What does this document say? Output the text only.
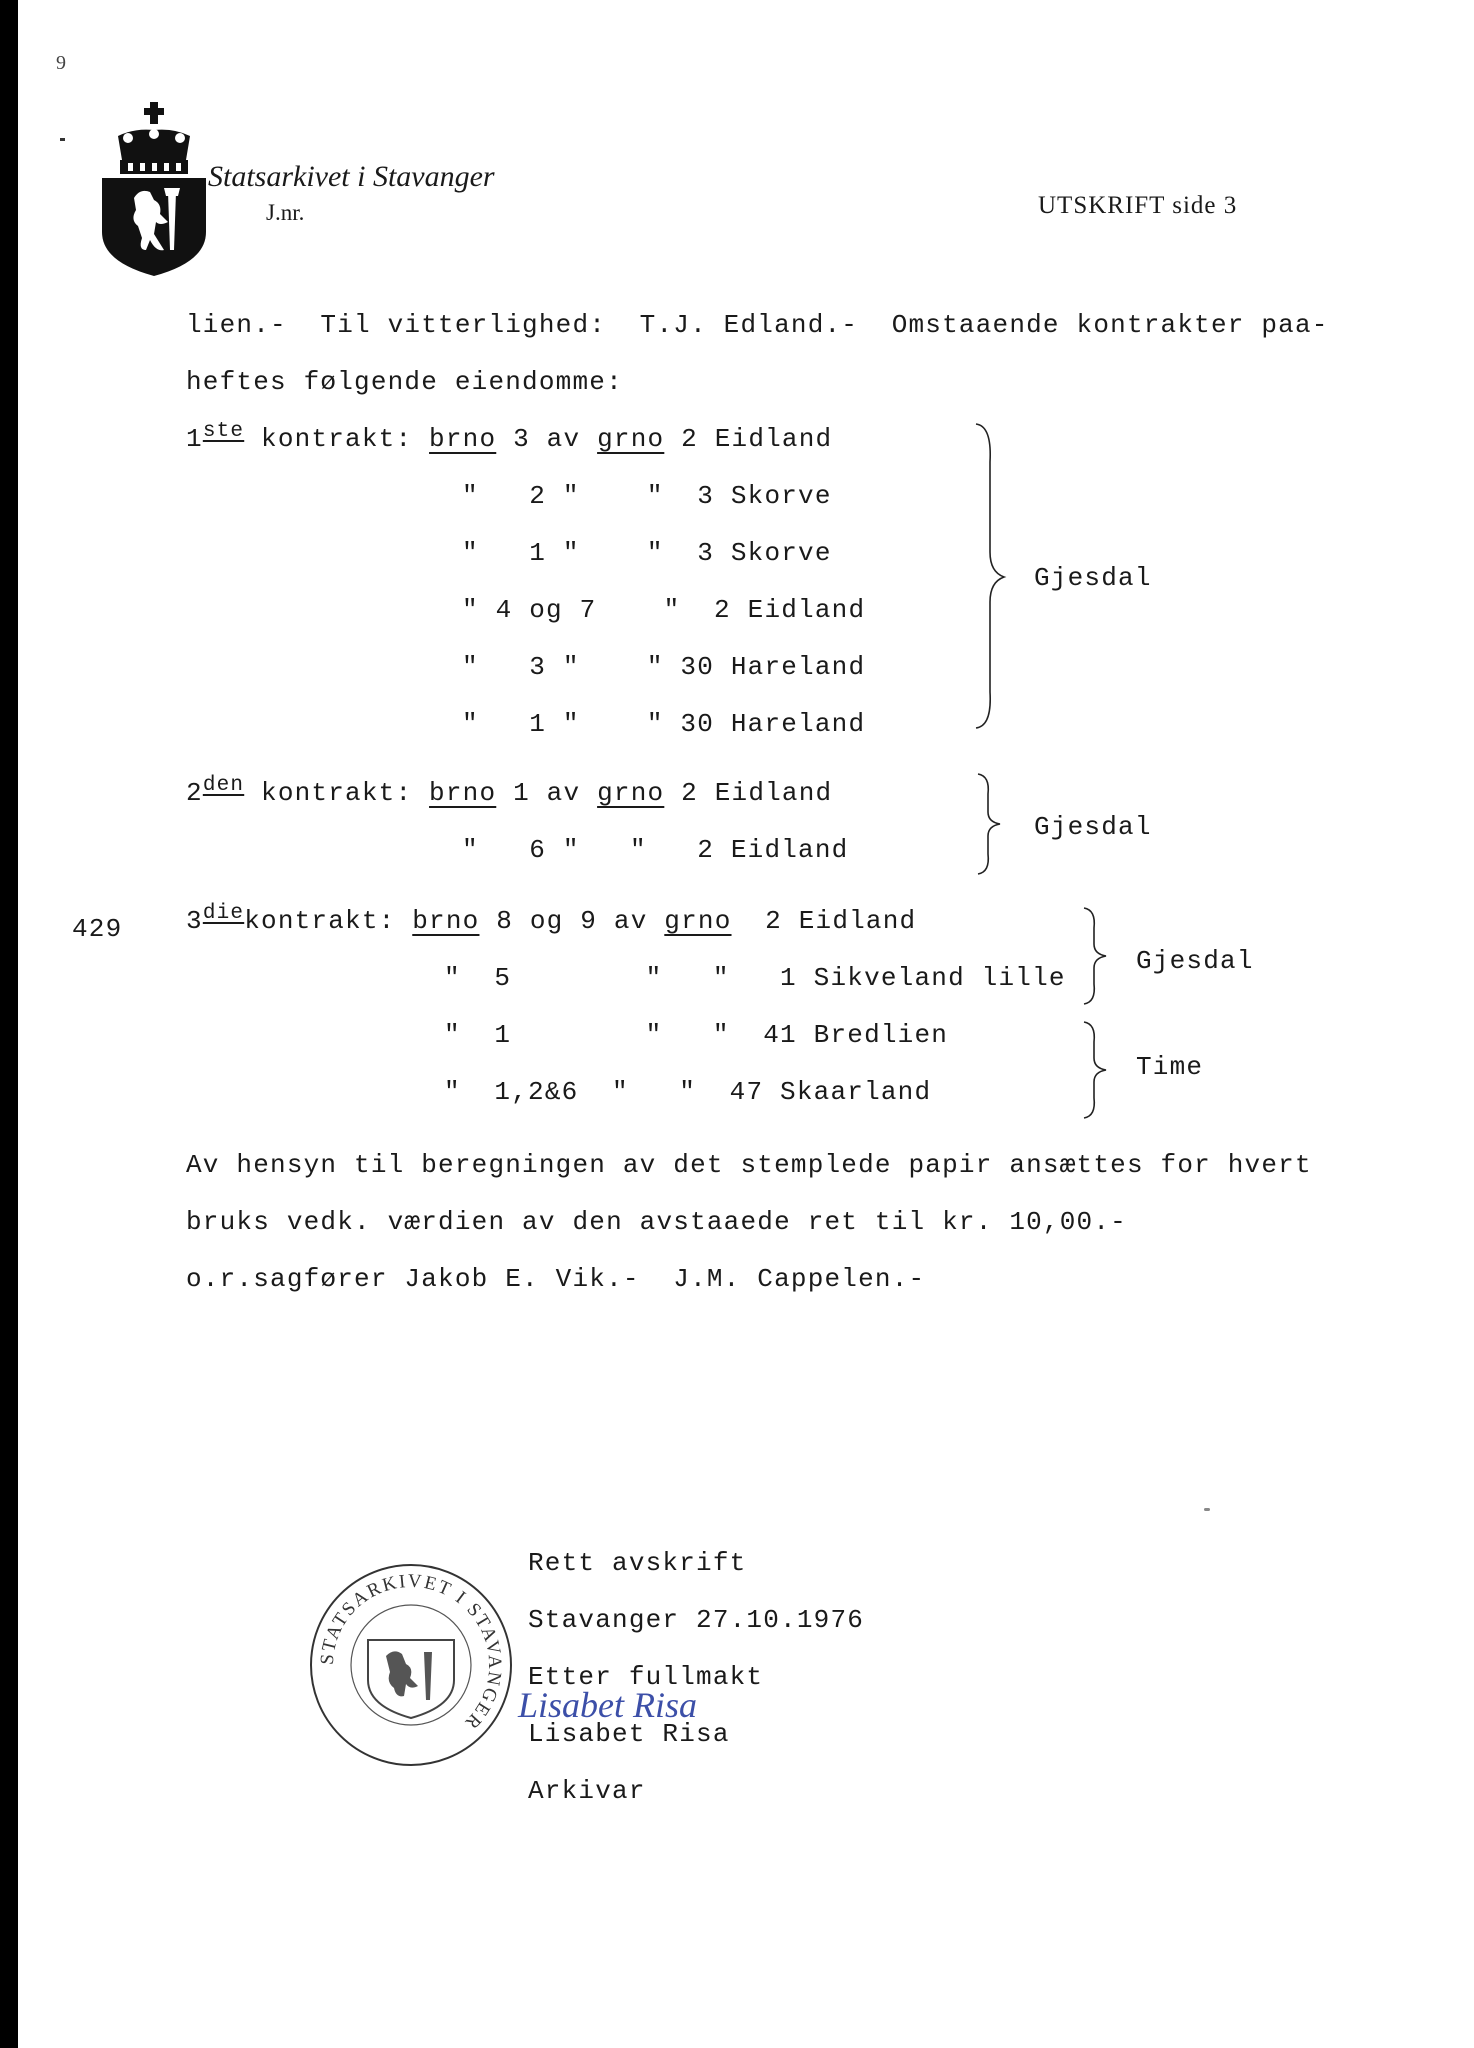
9
Statsarkivet i Stavanger
J.nr.	UTSKRIFT side 3
lien.-  Til vitterlighed:  T.J. Edland.-  Omstaaende kontrakter paa-
heftes følgende eiendomme:
1ste kontrakt: brno 3 av grno 2 Eidland
"   2 "    "  3 Skorve
"   1 "    "  3 Skorve
" 4 og 7    "  2 Eidland
"   3 "    " 30 Hareland
"   1 "    " 30 Hareland
Gjesdal
$2^{den}$ kontrakt: brno 1 av grno 2 Eidland
"   6 "   "   2 Eidland
Gjesdal
429 $3^{die}kontrakt$: brno 8 og 9 av grno  2 Eidland
"  5        "   "   1 Sikveland lille
"  1        "   "  41 Bredlien
"  1,2&6  "   "  47 Skaarland
Gjesdal
Time
Av hensyn til beregningen av det stemplede papir ansættes for hvert
bruks vedk. værdien av den avstaaede ret til kr. 10,00.-
o.r.sagfører Jakob E. Vik.-  J.M. Cappelen.-
STATSARKIVET I STAVANGER
Rett avskrift
Stavanger 27.10.1976
Etter fullmakt
Lisabet Risa
Lisabet Risa
Arkivar
